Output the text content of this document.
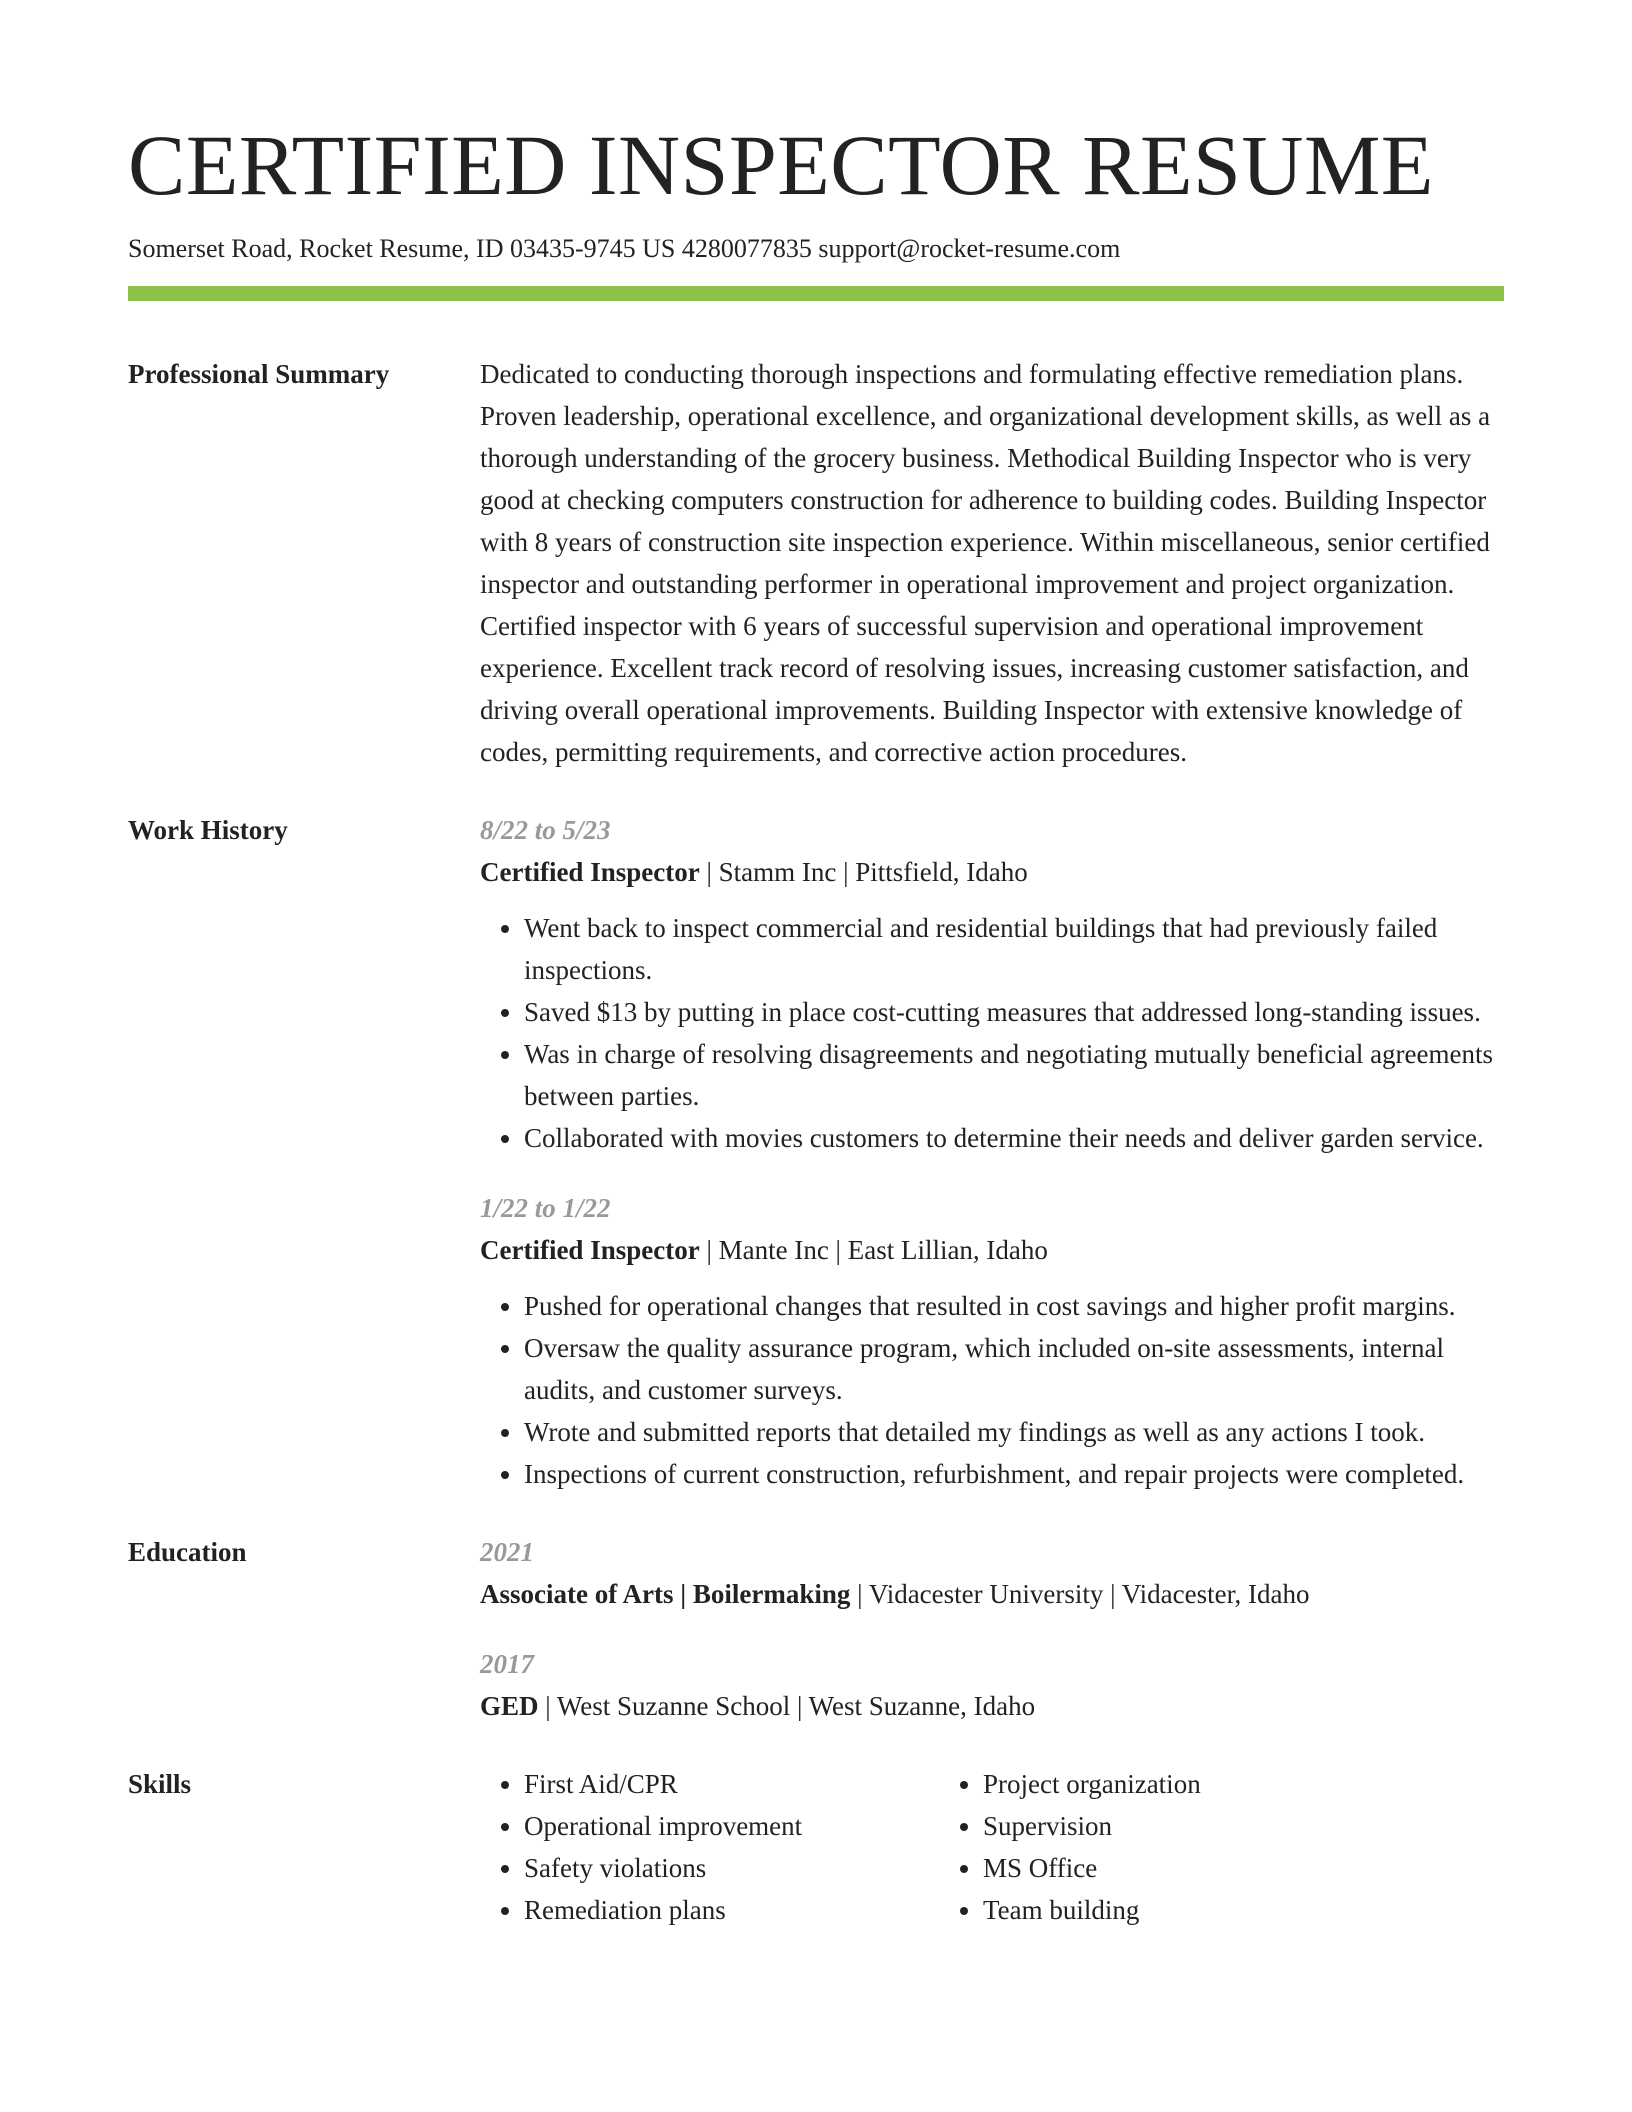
CERTIFIED INSPECTOR RESUME
Somerset Road, Rocket Resume, ID 03435-9745 US 4280077835 support@rocket-resume.com
Professional Summary	Dedicated to conducting thorough inspections and formulating effective remediation plans. Proven leadership, operational excellence, and organizational development skills, as well as a thorough understanding of the grocery business. Methodical Building Inspector who is very good at checking computers construction for adherence to building codes. Building Inspector with 8 years of construction site inspection experience. Within miscellaneous, senior certified inspector and outstanding performer in operational improvement and project organization. Certified inspector with 6 years of successful supervision and operational improvement experience. Excellent track record of resolving issues, increasing customer satisfaction, and driving overall operational improvements. Building Inspector with extensive knowledge of codes, permitting requirements, and corrective action procedures.

Work History	8/22 to 5/23
Certified Inspector | Stamm Inc | Pittsfield, Idaho
• Went back to inspect commercial and residential buildings that had previously failed inspections.
• Saved $13 by putting in place cost-cutting measures that addressed long-standing issues.
• Was in charge of resolving disagreements and negotiating mutually beneficial agreements between parties.
• Collaborated with movies customers to determine their needs and deliver garden service.
1/22 to 1/22
Certified Inspector | Mante Inc | East Lillian, Idaho
• Pushed for operational changes that resulted in cost savings and higher profit margins.
• Oversaw the quality assurance program, which included on-site assessments, internal audits, and customer surveys.
• Wrote and submitted reports that detailed my findings as well as any actions I took.
• Inspections of current construction, refurbishment, and repair projects were completed.
Education	2021
Associate of Arts | Boilermaking | Vidacester University | Vidacester, Idaho
2017
GED | West Suzanne School | West Suzanne, Idaho
Skills
•	First Aid/CPR
• Operational improvement
• Safety violations
• Remediation plans
• Project organization
• Supervision
• MS Office
• Team building
